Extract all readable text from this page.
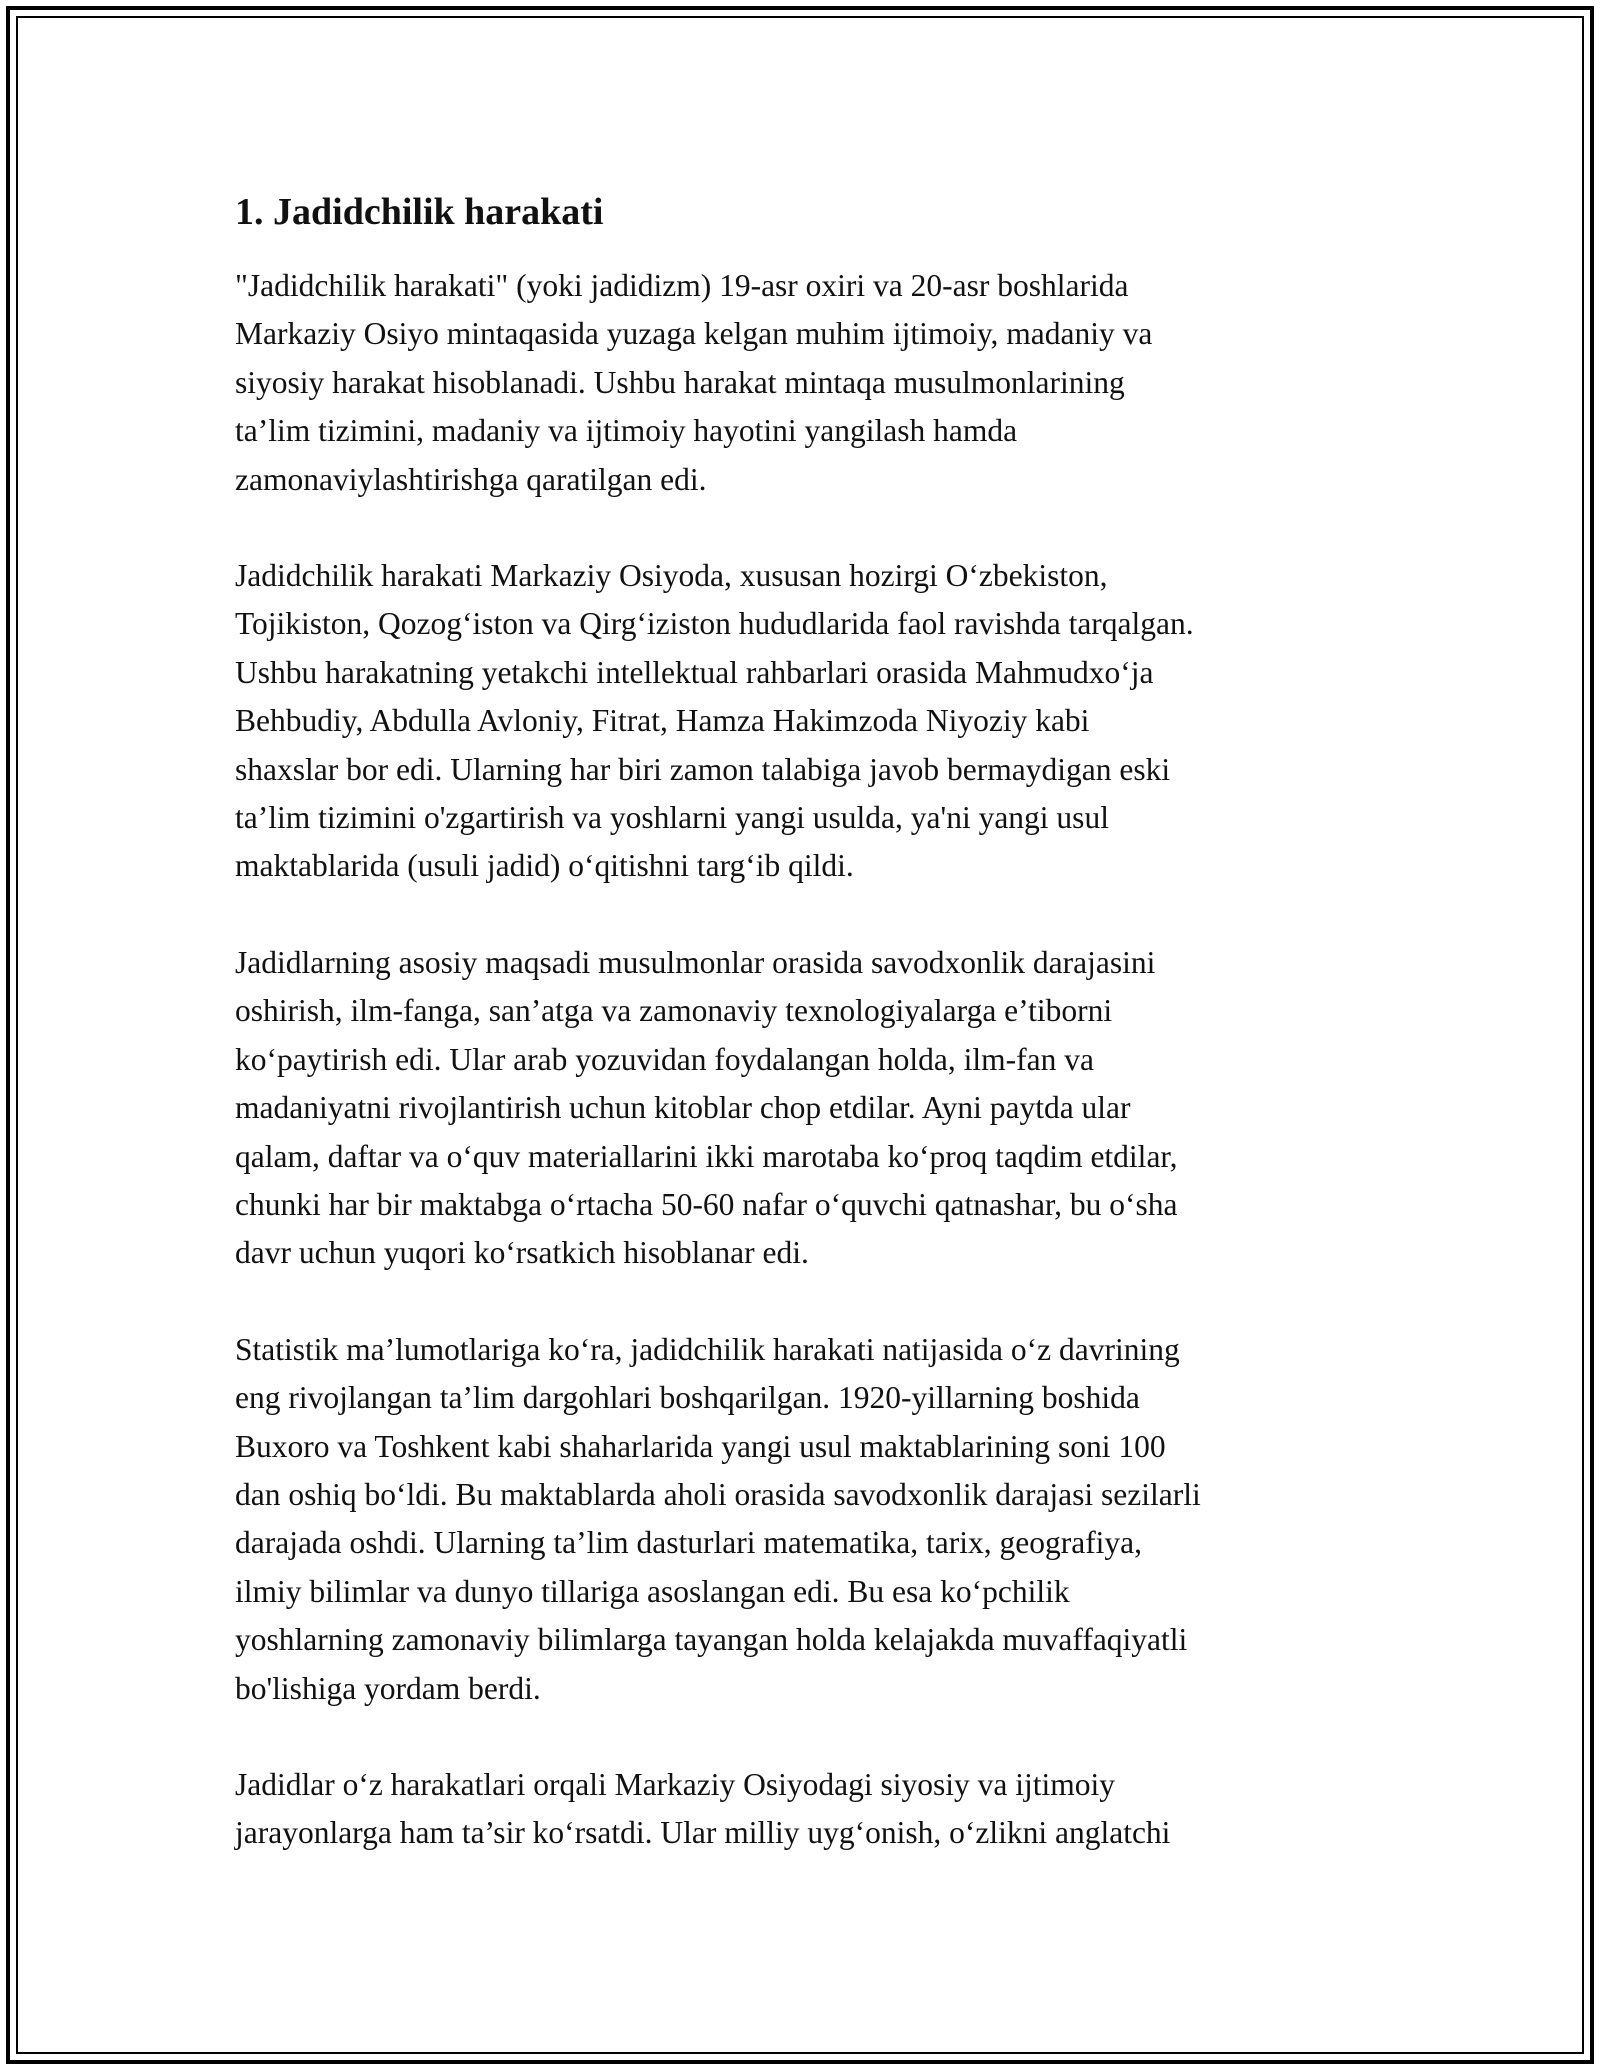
1. Jadidchilik harakati

"Jadidchilik harakati" (yoki jadidizm) 19-asr oxiri va 20-asr boshlarida
Markaziy Osiyo mintaqasida yuzaga kelgan muhim ijtimoiy, madaniy va
siyosiy harakat hisoblanadi. Ushbu harakat mintaqa musulmonlarining
ta’lim tizimini, madaniy va ijtimoiy hayotini yangilash hamda
zamonaviylashtirishga qaratilgan edi.

Jadidchilik harakati Markaziy Osiyoda, xususan hozirgi O‘zbekiston,
Tojikiston, Qozog‘iston va Qirg‘iziston hududlarida faol ravishda tarqalgan.
Ushbu harakatning yetakchi intellektual rahbarlari orasida Mahmudxo‘ja
Behbudiy, Abdulla Avloniy, Fitrat, Hamza Hakimzoda Niyoziy kabi
shaxslar bor edi. Ularning har biri zamon talabiga javob bermaydigan eski
ta’lim tizimini o'zgartirish va yoshlarni yangi usulda, ya'ni yangi usul
maktablarida (usuli jadid) o‘qitishni targ‘ib qildi.

Jadidlarning asosiy maqsadi musulmonlar orasida savodxonlik darajasini
oshirish, ilm-fanga, san’atga va zamonaviy texnologiyalarga e’tiborni
ko‘paytirish edi. Ular arab yozuvidan foydalangan holda, ilm-fan va
madaniyatni rivojlantirish uchun kitoblar chop etdilar. Ayni paytda ular
qalam, daftar va o‘quv materiallarini ikki marotaba ko‘proq taqdim etdilar,
chunki har bir maktabga o‘rtacha 50-60 nafar o‘quvchi qatnashar, bu o‘sha
davr uchun yuqori ko‘rsatkich hisoblanar edi.

Statistik ma’lumotlariga ko‘ra, jadidchilik harakati natijasida o‘z davrining
eng rivojlangan ta’lim dargohlari boshqarilgan. 1920-yillarning boshida
Buxoro va Toshkent kabi shaharlarida yangi usul maktablarining soni 100
dan oshiq bo‘ldi. Bu maktablarda aholi orasida savodxonlik darajasi sezilarli
darajada oshdi. Ularning ta’lim dasturlari matematika, tarix, geografiya,
ilmiy bilimlar va dunyo tillariga asoslangan edi. Bu esa ko‘pchilik
yoshlarning zamonaviy bilimlarga tayangan holda kelajakda muvaffaqiyatli
bo'lishiga yordam berdi.

Jadidlar o‘z harakatlari orqali Markaziy Osiyodagi siyosiy va ijtimoiy
jarayonlarga ham ta’sir ko‘rsatdi. Ular milliy uyg‘onish, o‘zlikni anglatchi
